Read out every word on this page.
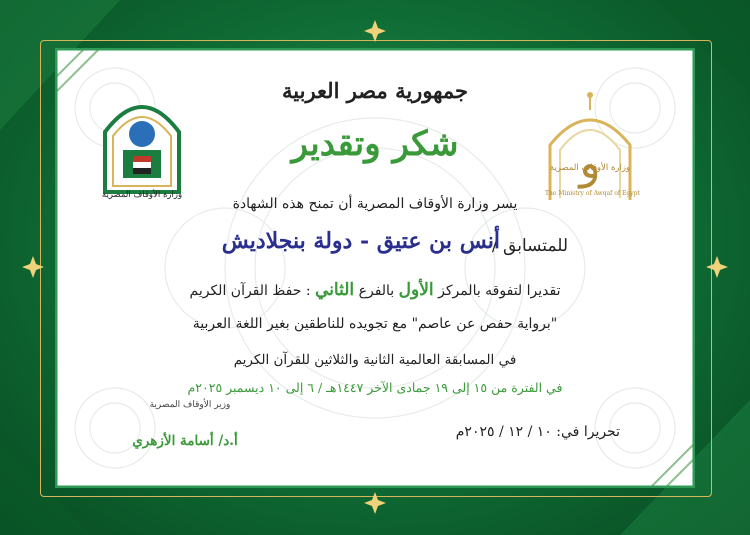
و
وزارة الأوقاف المصرية
وزارة الأوقاف المصرية
The Ministry of Awqaf of Egypt
جمهورية مصر العربية
شكر وتقدير
يسر وزارة الأوقاف المصرية أن تمنح هذه الشهادة
للمتسابق /
أنس بن عتيق - دولة بنجلاديش
تقديرا لتفوقه بالمركز الأول بالفرع الثاني : حفظ القرآن الكريم
"برواية حفص عن عاصم" مع تجويده للناطقين بغير اللغة العربية
في المسابقة العالمية الثانية والثلاثين للقرآن الكريم
في الفترة من ١٥ إلى ١٩ جمادى الآخر ١٤٤٧هـ / ٦ إلى ١٠ ديسمبر ٢٠٢٥م
تحريرا في: ١٠ / ١٢ / ٢٠٢٥م
وزير الأوقاف المصرية
أ.د/ أسامة الأزهري
